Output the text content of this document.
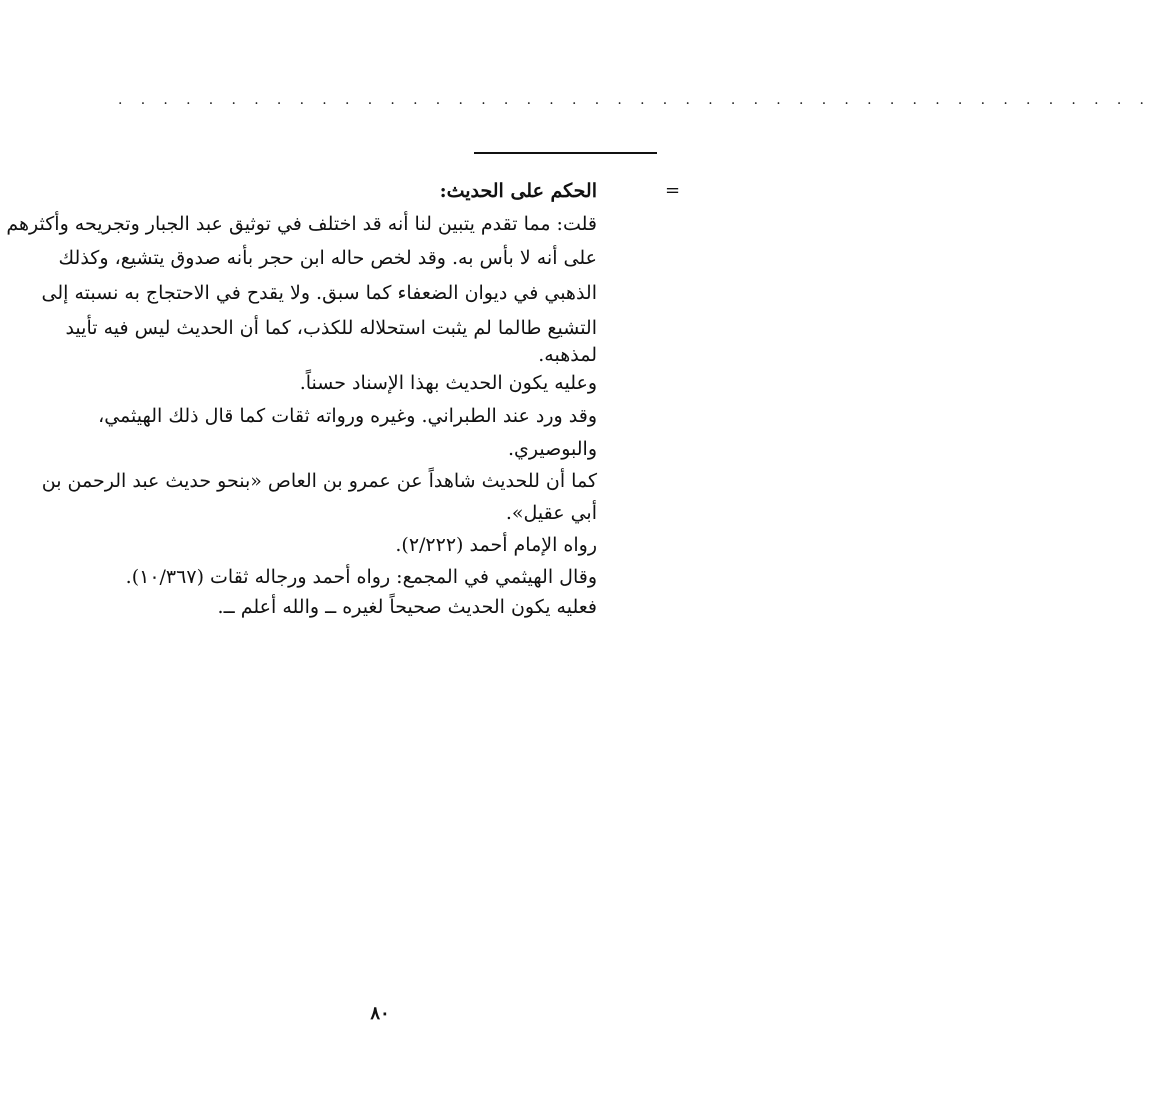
· · · · · · · · · · · · · · · · · · · · · · · · · · · · · · · · · · · · · · · · · · · · · ·
=
الحكم على الحديث:
قلت: مما تقدم يتبين لنا أنه قد اختلف في توثيق عبد الجبار وتجريحه وأكثرهم
على أنه لا بأس به. وقد لخص حاله ابن حجر بأنه صدوق يتشيع، وكذلك
الذهبي في ديوان الضعفاء كما سبق. ولا يقدح في الاحتجاج به نسبته إلى
التشيع طالما لم يثبت استحلاله للكذب، كما أن الحديث ليس فيه تأييد
لمذهبه.
وعليه يكون الحديث بهذا الإسناد حسناً.
وقد ورد عند الطبراني. وغيره ورواته ثقات كما قال ذلك الهيثمي،
والبوصيري.
كما أن للحديث شاهداً عن عمرو بن العاص «بنحو حديث عبد الرحمن بن
أبي عقيل».
رواه الإمام أحمد (٢/٢٢٢).
وقال الهيثمي في المجمع: رواه أحمد ورجاله ثقات (١٠/٣٦٧).
فعليه يكون الحديث صحيحاً لغيره ــ والله أعلم ــ.
٨٠
